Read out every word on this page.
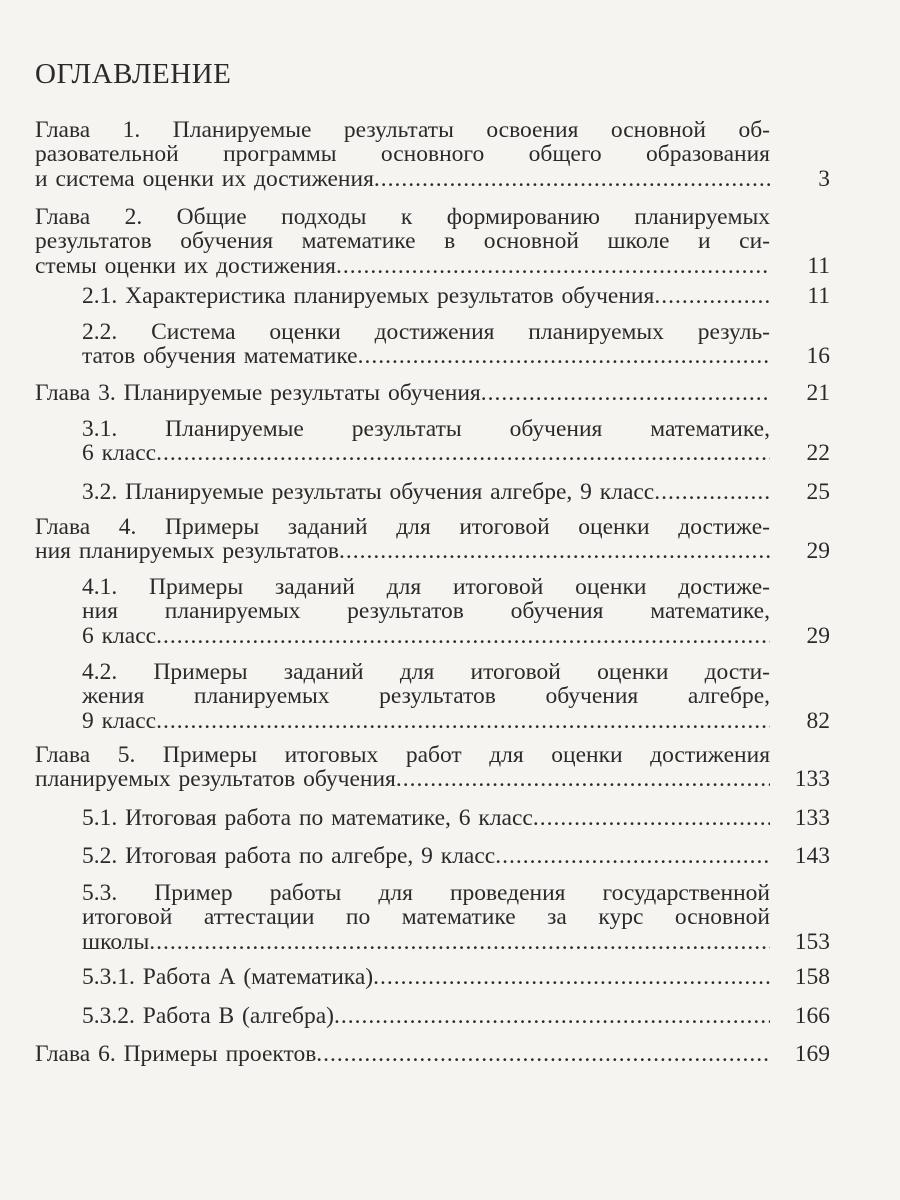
ОГЛАВЛЕНИЕ
Глава 1. Планируемые результаты освоения основной об-
разовательной программы основного общего образования
и система оценки их достижения .....	3
Глава 2. Общие подходы к формированию планируемых
результатов обучения математике в основной школе и си-
стемы оценки их достижения .....	11
2.1. Характеристика планируемых результатов обучения .....	11
2.2. Система оценки достижения планируемых резуль-
татов обучения математике .....	16
Глава 3. Планируемые результаты обучения .....	21
3.1. Планируемые результаты обучения математике,
6 класс .....	22
3.2. Планируемые результаты обучения алгебре, 9 класс .....	25
Глава 4. Примеры заданий для итоговой оценки достиже-
ния планируемых результатов .....	29
4.1. Примеры заданий для итоговой оценки достиже-
ния планируемых результатов обучения математике,
6 класс .....	29
4.2. Примеры заданий для итоговой оценки дости-
жения планируемых результатов обучения алгебре,
9 класс .....	82
Глава 5. Примеры итоговых работ для оценки достижения
планируемых результатов обучения .....	133
5.1. Итоговая работа по математике, 6 класс .....	133
5.2. Итоговая работа по алгебре, 9 класс .....	143
5.3. Пример работы для проведения государственной
итоговой аттестации по математике за курс основной
школы .....	153
5.3.1. Работа А (математика) .....	158
5.3.2. Работа В (алгебра) .....	166
Глава 6. Примеры проектов .....	169
